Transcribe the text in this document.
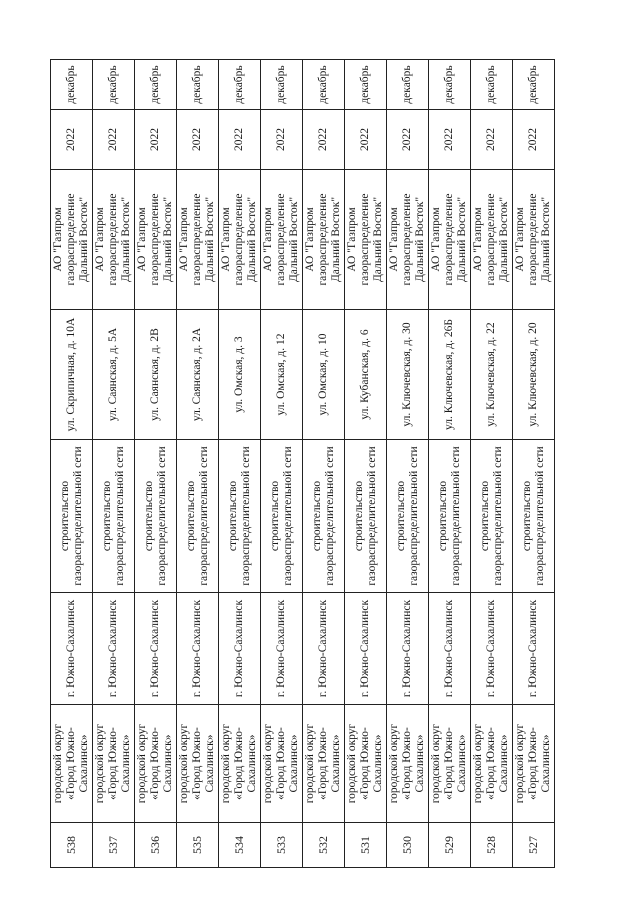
538	городской округ «Город Южно-Сахалинск»	г. Южно-Сахалинск	строительство газораспределительной сети	ул. Скрипичная, д. 10А	АО "Газпром газораспределение Дальний Восток"	2022	декабрь
537	городской округ «Город Южно-Сахалинск»	г. Южно-Сахалинск	строительство газораспределительной сети	ул. Саянская, д. 5А	АО "Газпром газораспределение Дальний Восток"	2022	декабрь
536	городской округ «Город Южно-Сахалинск»	г. Южно-Сахалинск	строительство газораспределительной сети	ул. Саянская, д. 2В	АО "Газпром газораспределение Дальний Восток"	2022	декабрь
535	городской округ «Город Южно-Сахалинск»	г. Южно-Сахалинск	строительство газораспределительной сети	ул. Саянская, д. 2А	АО "Газпром газораспределение Дальний Восток"	2022	декабрь
534	городской округ «Город Южно-Сахалинск»	г. Южно-Сахалинск	строительство газораспределительной сети	ул. Омская, д. 3	АО "Газпром газораспределение Дальний Восток"	2022	декабрь
533	городской округ «Город Южно-Сахалинск»	г. Южно-Сахалинск	строительство газораспределительной сети	ул. Омская, д. 12	АО "Газпром газораспределение Дальний Восток"	2022	декабрь
532	городской округ «Город Южно-Сахалинск»	г. Южно-Сахалинск	строительство газораспределительной сети	ул. Омская, д. 10	АО "Газпром газораспределение Дальний Восток"	2022	декабрь
531	городской округ «Город Южно-Сахалинск»	г. Южно-Сахалинск	строительство газораспределительной сети	ул. Кубанская, д. 6	АО "Газпром газораспределение Дальний Восток"	2022	декабрь
530	городской округ «Город Южно-Сахалинск»	г. Южно-Сахалинск	строительство газораспределительной сети	ул. Ключевская, д. 30	АО "Газпром газораспределение Дальний Восток"	2022	декабрь
529	городской округ «Город Южно-Сахалинск»	г. Южно-Сахалинск	строительство газораспределительной сети	ул. Ключевская, д. 26Б	АО "Газпром газораспределение Дальний Восток"	2022	декабрь
528	городской округ «Город Южно-Сахалинск»	г. Южно-Сахалинск	строительство газораспределительной сети	ул. Ключевская, д. 22	АО "Газпром газораспределение Дальний Восток"	2022	декабрь
527	городской округ «Город Южно-Сахалинск»	г. Южно-Сахалинск	строительство газораспределительной сети	ул. Ключевская, д. 20	АО "Газпром газораспределение Дальний Восток"	2022	декабрь
